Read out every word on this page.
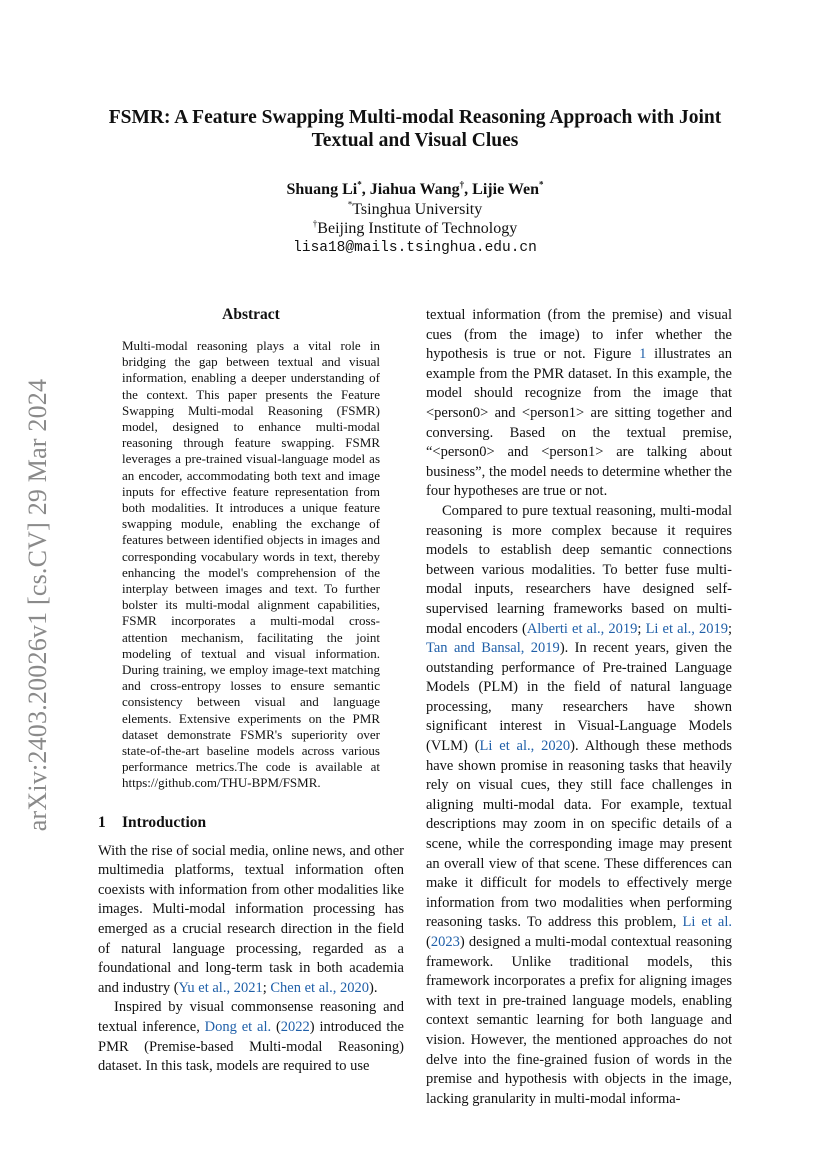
arXiv:2403.20026v1 [cs.CV] 29 Mar 2024
FSMR: A Feature Swapping Multi-modal Reasoning Approach with Joint
Textual and Visual Clues
Shuang Li*, Jiahua Wang†, Lijie Wen*
*Tsinghua University
†Beijing Institute of Technology
lisa18@mails.tsinghua.edu.cn
Abstract
Multi-modal reasoning plays a vital role in bridging the gap between textual and visual information, enabling a deeper understanding of the context. This paper presents the Feature Swapping Multi-modal Reasoning (FSMR) model, designed to enhance multi-modal reasoning through feature swapping. FSMR leverages a pre-trained visual-language model as an encoder, accommodating both text and image inputs for effective feature representation from both modalities. It introduces a unique feature swapping module, enabling the exchange of features between identified objects in images and corresponding vocabulary words in text, thereby enhancing the model's comprehension of the interplay between images and text. To further bolster its multi-modal alignment capabilities, FSMR incorporates a multi-modal cross-attention mechanism, facilitating the joint modeling of textual and visual information. During training, we employ image-text matching and cross-entropy losses to ensure semantic consistency between visual and language elements. Extensive experiments on the PMR dataset demonstrate FSMR's superiority over state-of-the-art baseline models across various performance metrics.The code is available at https://github.com/THU-BPM/FSMR.
1 Introduction

With the rise of social media, online news, and other multimedia platforms, textual information often coexists with information from other modalities like images. Multi-modal information processing has emerged as a crucial research direction in the field of natural language processing, regarded as a foundational and long-term task in both academia and industry (Yu et al., 2021; Chen et al., 2020).

Inspired by visual commonsense reasoning and textual inference, Dong et al. (2022) introduced the PMR (Premise-based Multi-modal Reasoning) dataset. In this task, models are required to use

textual information (from the premise) and visual cues (from the image) to infer whether the hypothesis is true or not. Figure 1 illustrates an example from the PMR dataset. In this example, the model should recognize from the image that <person0> and <person1> are sitting together and conversing. Based on the textual premise, “<person0> and <person1> are talking about business”, the model needs to determine whether the four hypotheses are true or not.

Compared to pure textual reasoning, multi-modal reasoning is more complex because it requires models to establish deep semantic connections between various modalities. To better fuse multi-modal inputs, researchers have designed self-supervised learning frameworks based on multi-modal encoders (Alberti et al., 2019; Li et al., 2019; Tan and Bansal, 2019). In recent years, given the outstanding performance of Pre-trained Language Models (PLM) in the field of natural language processing, many researchers have shown significant interest in Visual-Language Models (VLM) (Li et al., 2020). Although these methods have shown promise in reasoning tasks that heavily rely on visual cues, they still face challenges in aligning multi-modal data. For example, textual descriptions may zoom in on specific details of a scene, while the corresponding image may present an overall view of that scene. These differences can make it difficult for models to effectively merge information from two modalities when performing reasoning tasks. To address this problem, Li et al. (2023) designed a multi-modal contextual reasoning framework. Unlike traditional models, this framework incorporates a prefix for aligning images with text in pre-trained language models, enabling context semantic learning for both language and vision. However, the mentioned approaches do not delve into the fine-grained fusion of words in the premise and hypothesis with objects in the image, lacking granularity in multi-modal informa-
